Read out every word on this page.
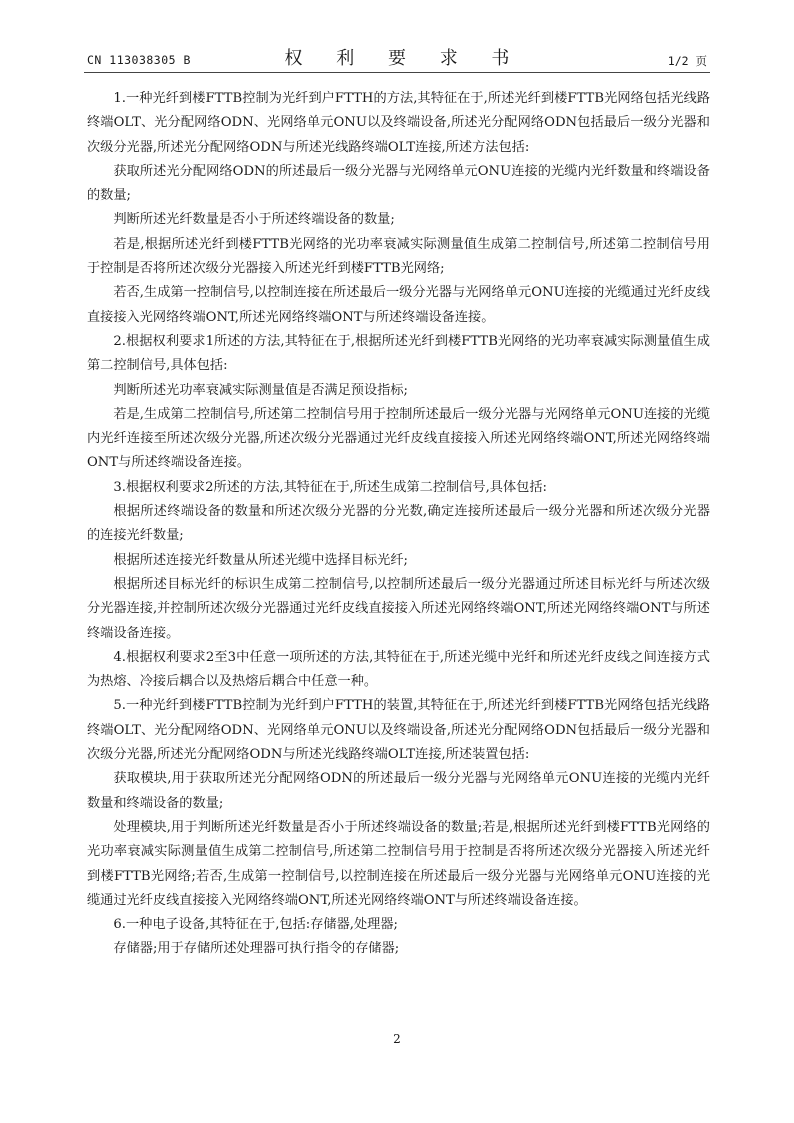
CN 113038305 B	权 利 要 求 书	1/2 页

1.一种光纤到楼FTTB控制为光纤到户FTTH的方法,其特征在于,所述光纤到楼FTTB光网络包括光线路终端OLT、光分配网络ODN、光网络单元ONU以及终端设备,所述光分配网络ODN包括最后一级分光器和次级分光器,所述光分配网络ODN与所述光线路终端OLT连接,所述方法包括:

获取所述光分配网络ODN的所述最后一级分光器与光网络单元ONU连接的光缆内光纤数量和终端设备的数量;

判断所述光纤数量是否小于所述终端设备的数量;

若是,根据所述光纤到楼FTTB光网络的光功率衰减实际测量值生成第二控制信号,所述第二控制信号用于控制是否将所述次级分光器接入所述光纤到楼FTTB光网络;

若否,生成第一控制信号,以控制连接在所述最后一级分光器与光网络单元ONU连接的光缆通过光纤皮线直接接入光网络终端ONT,所述光网络终端ONT与所述终端设备连接。

2.根据权利要求1所述的方法,其特征在于,根据所述光纤到楼FTTB光网络的光功率衰减实际测量值生成第二控制信号,具体包括:

判断所述光功率衰减实际测量值是否满足预设指标;

若是,生成第二控制信号,所述第二控制信号用于控制所述最后一级分光器与光网络单元ONU连接的光缆内光纤连接至所述次级分光器,所述次级分光器通过光纤皮线直接接入所述光网络终端ONT,所述光网络终端ONT与所述终端设备连接。

3.根据权利要求2所述的方法,其特征在于,所述生成第二控制信号,具体包括:

根据所述终端设备的数量和所述次级分光器的分光数,确定连接所述最后一级分光器和所述次级分光器的连接光纤数量;

根据所述连接光纤数量从所述光缆中选择目标光纤;

根据所述目标光纤的标识生成第二控制信号,以控制所述最后一级分光器通过所述目标光纤与所述次级分光器连接,并控制所述次级分光器通过光纤皮线直接接入所述光网络终端ONT,所述光网络终端ONT与所述终端设备连接。

4.根据权利要求2至3中任意一项所述的方法,其特征在于,所述光缆中光纤和所述光纤皮线之间连接方式为热熔、冷接后耦合以及热熔后耦合中任意一种。

5.一种光纤到楼FTTB控制为光纤到户FTTH的装置,其特征在于,所述光纤到楼FTTB光网络包括光线路终端OLT、光分配网络ODN、光网络单元ONU以及终端设备,所述光分配网络ODN包括最后一级分光器和次级分光器,所述光分配网络ODN与所述光线路终端OLT连接,所述装置包括:

获取模块,用于获取所述光分配网络ODN的所述最后一级分光器与光网络单元ONU连接的光缆内光纤数量和终端设备的数量;

处理模块,用于判断所述光纤数量是否小于所述终端设备的数量;若是,根据所述光纤到楼FTTB光网络的光功率衰减实际测量值生成第二控制信号,所述第二控制信号用于控制是否将所述次级分光器接入所述光纤到楼FTTB光网络;若否,生成第一控制信号,以控制连接在所述最后一级分光器与光网络单元ONU连接的光缆通过光纤皮线直接接入光网络终端ONT,所述光网络终端ONT与所述终端设备连接。

6.一种电子设备,其特征在于,包括:存储器,处理器;

存储器;用于存储所述处理器可执行指令的存储器;

2
